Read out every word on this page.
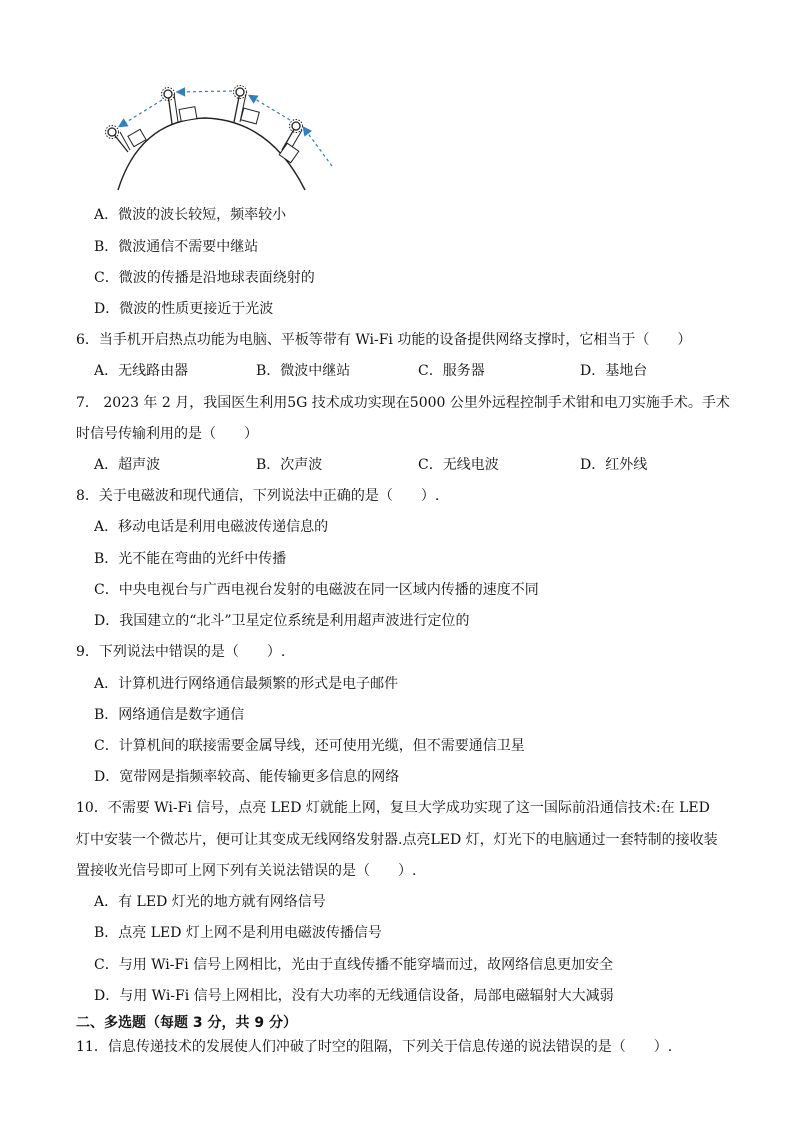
A．微波的波长较短，频率较小
B．微波通信不需要中继站
C．微波的传播是沿地球表面绕射的
D．微波的性质更接近于光波
6．当手机开启热点功能为电脑、平板等带有 Wi-Fi 功能的设备提供网络支撑时，它相当于（　　）
A．无线路由器	B．微波中继站	C．服务器	D．基地台
7． 2023 年 2 月，我国医生利用5G 技术成功实现在5000 公里外远程控制手术钳和电刀实施手术。手术
时信号传输利用的是（　　）
A．超声波	B．次声波	C．无线电波	D．红外线
8．关于电磁波和现代通信，下列说法中正确的是（　　）.
A．移动电话是利用电磁波传递信息的
B．光不能在弯曲的光纤中传播
C．中央电视台与广西电视台发射的电磁波在同一区域内传播的速度不同
D．我国建立的“北斗”卫星定位系统是利用超声波进行定位的
9．下列说法中错误的是（　　）.
A．计算机进行网络通信最频繁的形式是电子邮件
B．网络通信是数字通信
C．计算机间的联接需要金属导线，还可使用光缆，但不需要通信卫星
D．宽带网是指频率较高、能传输更多信息的网络
10．不需要 Wi-Fi 信号，点亮 LED 灯就能上网，复旦大学成功实现了这一国际前沿通信技术:在 LED
灯中安装一个微芯片，便可让其变成无线网络发射器.点亮LED 灯，灯光下的电脑通过一套特制的接收装
置接收光信号即可上网下列有关说法错误的是（　　）.
A．有 LED 灯光的地方就有网络信号
B．点亮 LED 灯上网不是利用电磁波传播信号
C．与用 Wi-Fi 信号上网相比，光由于直线传播不能穿墙而过，故网络信息更加安全
D．与用 Wi-Fi 信号上网相比，没有大功率的无线通信设备，局部电磁辐射大大减弱
二、多选题（每题 3 分，共 9 分）
11．信息传递技术的发展使人们冲破了时空的阻隔，下列关于信息传递的说法错误的是（　　）.
